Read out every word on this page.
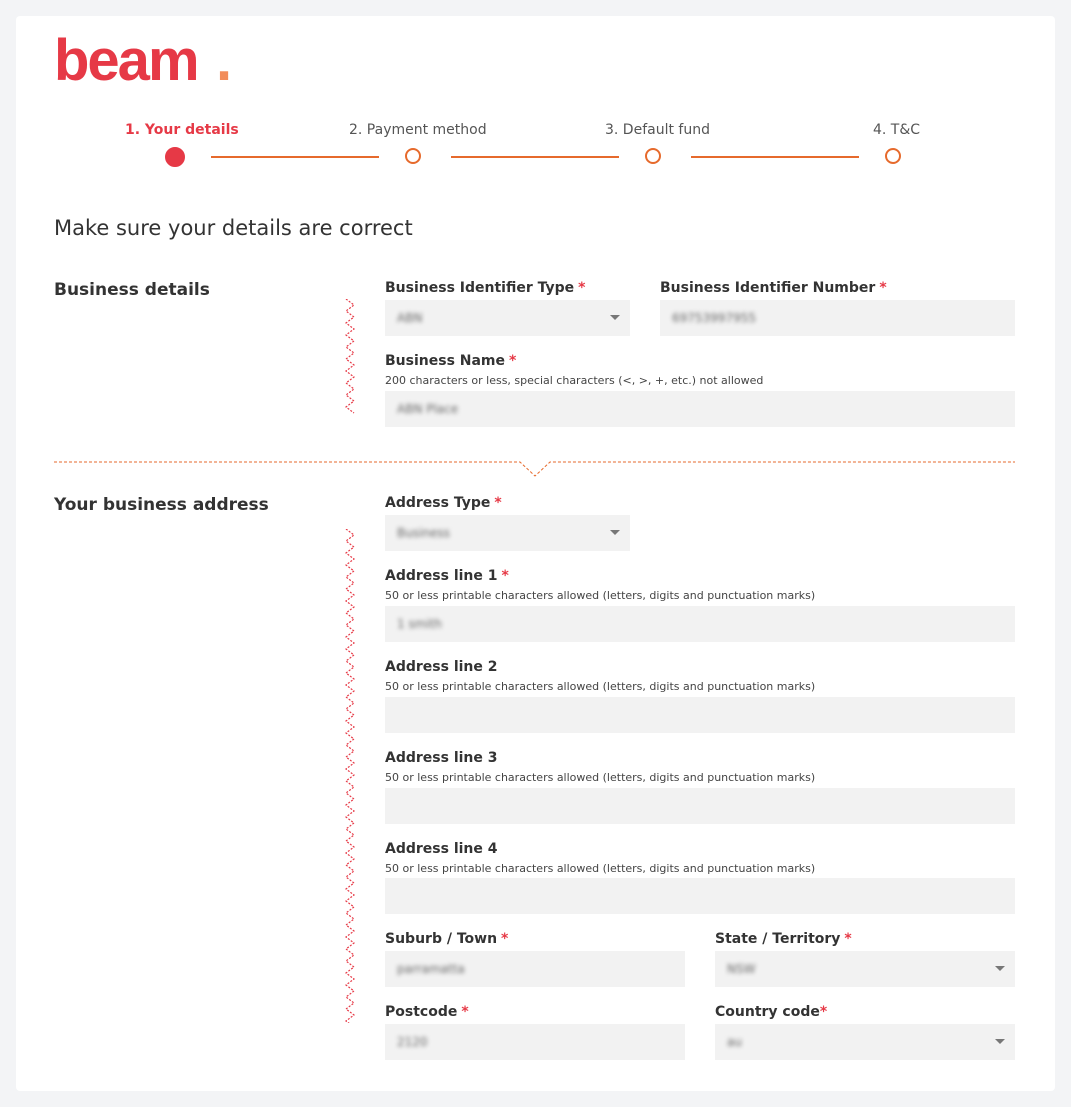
beam .
1. Your details	2. Payment method	3. Default fund	4. T&C
Make sure your details are correct
Business details	Business Identifier Type *
ABN
Business Identifier Number *
69753997955
Business Name *
200 characters or less, special characters (<, >, +, etc.) not allowed
ABN Place
Your business address	Address Type *
Business
Address line 1 *
50 or less printable characters allowed (letters, digits and punctuation marks)
1 smith
Address line 2
50 or less printable characters allowed (letters, digits and punctuation marks)
Address line 3
50 or less printable characters allowed (letters, digits and punctuation marks)
Address line 4
50 or less printable characters allowed (letters, digits and punctuation marks)
Suburb / Town *
parramatta
State / Territory *
NSW
Postcode *
2120
Country code*
au
